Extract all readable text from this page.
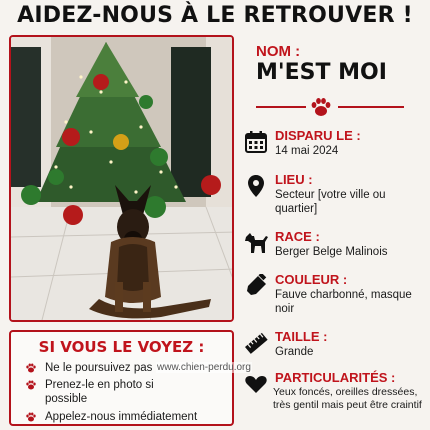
AIDEZ-NOUS À LE RETROUVER !
NOM :
M'EST MOI
DISPARU LE :
14 mai 2024
LIEU :
Secteur [votre ville ou quartier]
RACE :
Berger Belge Malinois
COULEUR :
Fauve charbonné, masque noir
TAILLE :
Grande
PARTICULARITÉS :
Yeux foncés, oreilles dressées, très gentil mais peut être craintif
SI VOUS LE VOYEZ :
Ne le poursuivez pas
Prenez-le en photo si possible
Appelez-nous immédiatement
www.chien-perdu.org
